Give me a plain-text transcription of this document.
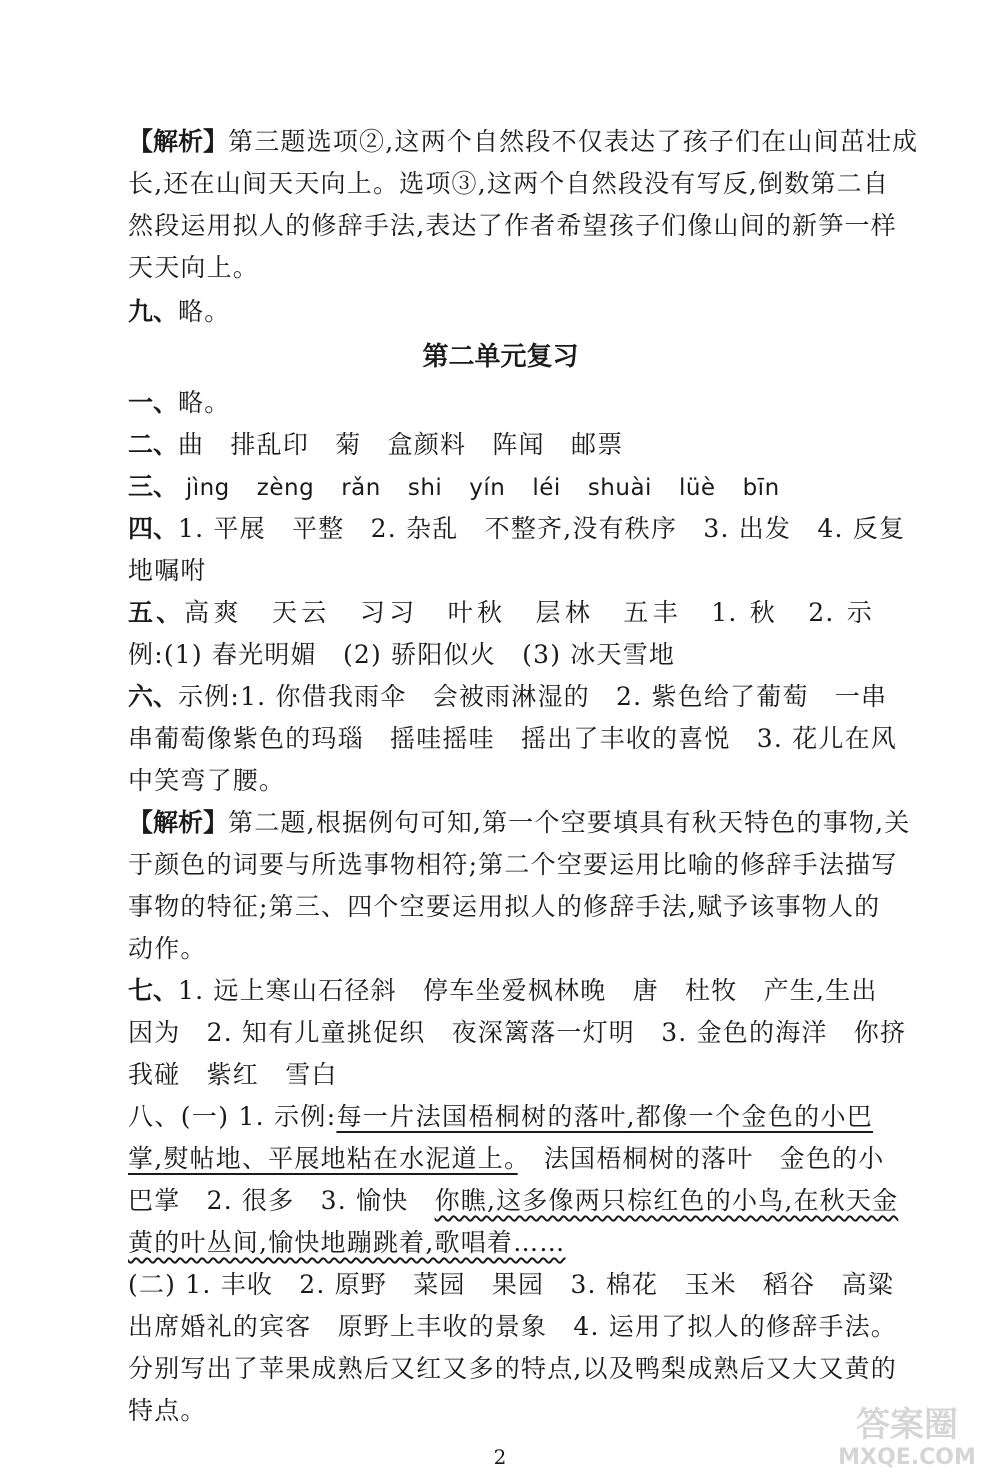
【解析】第三题选项②,这两个自然段不仅表达了孩子们在山间茁壮成
长,还在山间天天向上。选项③,这两个自然段没有写反,倒数第二自
然段运用拟人的修辞手法,表达了作者希望孩子们像山间的新笋一样
天天向上。
九、略。
第二单元复习
一、略。
二、曲　排乱印　菊　盒颜料　阵闻　邮票
三、 jìng zèng rǎn shi yín léi shuài lüè bīn
四、1. 平展　平整　2. 杂乱　不整齐,没有秩序　3. 出发　4. 反复
地嘱咐
五、高爽　天云　习习　叶秋　层林　五丰　1. 秋　2. 示
例:(1) 春光明媚　(2) 骄阳似火　(3) 冰天雪地
六、示例:1. 你借我雨伞　会被雨淋湿的　2. 紫色给了葡萄　一串
串葡萄像紫色的玛瑙　摇哇摇哇　摇出了丰收的喜悦　3. 花儿在风
中笑弯了腰。
【解析】第二题,根据例句可知,第一个空要填具有秋天特色的事物,关
于颜色的词要与所选事物相符;第二个空要运用比喻的修辞手法描写
事物的特征;第三、四个空要运用拟人的修辞手法,赋予该事物人的
动作。
七、1. 远上寒山石径斜　停车坐爱枫林晚　唐　杜牧　产生,生出
因为　2. 知有儿童挑促织　夜深篱落一灯明　3. 金色的海洋　你挤
我碰　紫红　雪白
八、(一) 1. 示例:每一片法国梧桐树的落叶,都像一个金色的小巴
掌,熨帖地、平展地粘在水泥道上。　法国梧桐树的落叶　金色的小
巴掌　2. 很多　3. 愉快　你瞧,这多像两只棕红色的小鸟,在秋天金
黄的叶丛间,愉快地蹦跳着,歌唱着……
(二) 1. 丰收　2. 原野　菜园　果园　3. 棉花　玉米　稻谷　高粱
出席婚礼的宾客　原野上丰收的景象　4. 运用了拟人的修辞手法。
分别写出了苹果成熟后又红又多的特点,以及鸭梨成熟后又大又黄的
特点。
2
答案圈
MXQE.COM
